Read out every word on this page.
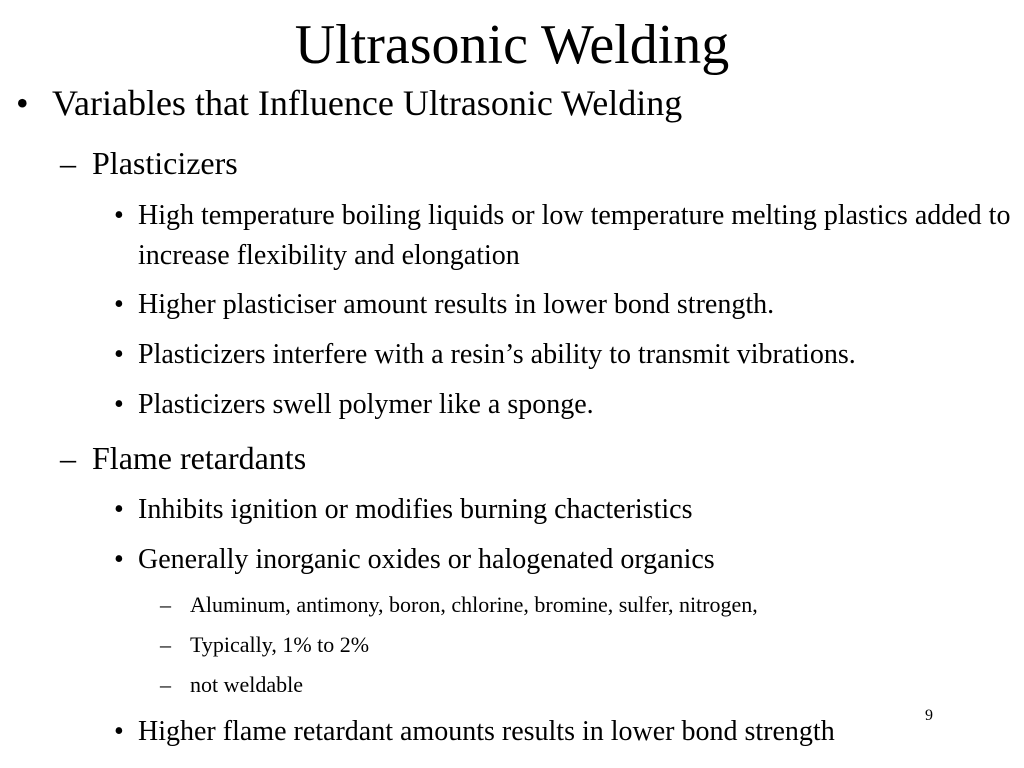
Ultrasonic Welding
• Variables that Influence Ultrasonic Welding
– Plasticizers
• High temperature boiling liquids or low temperature melting plastics added to increase flexibility and elongation
• Higher plasticiser amount results in lower bond strength.
• Plasticizers interfere with a resin’s ability to transmit vibrations.
• Plasticizers swell polymer like a sponge.
– Flame retardants
• Inhibits ignition or modifies burning chacteristics
• Generally inorganic oxides or halogenated organics
– Aluminum, antimony, boron, chlorine, bromine, sulfer, nitrogen,
– Typically, 1% to 2%
– not weldable
• Higher flame retardant amounts results in lower bond strength
9
